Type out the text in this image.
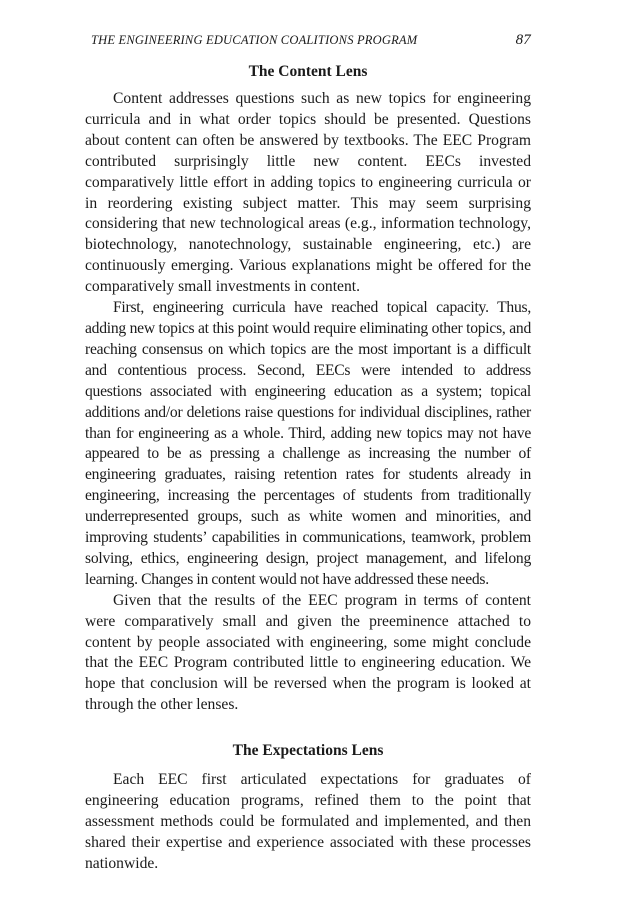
THE ENGINEERING EDUCATION COALITIONS PROGRAM	87
The Content Lens

Content addresses questions such as new topics for engineering curricula and in what order topics should be presented. Questions about content can often be answered by textbooks. The EEC Program contributed surprisingly little new content. EECs invested comparatively little effort in adding topics to engineering curricula or in reordering existing subject matter. This may seem surprising considering that new technological areas (e.g., information technology, biotechnology, nanotechnology, sustainable engineering, etc.) are continuously emerging. Various explanations might be offered for the comparatively small investments in content.

First, engineering curricula have reached topical capacity. Thus, adding new topics at this point would require eliminating other topics, and reaching consensus on which topics are the most important is a difficult and contentious process. Second, EECs were intended to address questions associated with engineering education as a system; topical additions and/or deletions raise questions for individual disciplines, rather than for engineering as a whole. Third, adding new topics may not have appeared to be as pressing a challenge as increasing the number of engineering graduates, raising retention rates for students already in engineering, increasing the percentages of students from traditionally underrepresented groups, such as white women and minorities, and improving students’ capabilities in communications, teamwork, problem solving, ethics, engineering design, project management, and lifelong learning. Changes in content would not have addressed these needs.

Given that the results of the EEC program in terms of content were comparatively small and given the preeminence attached to content by people associated with engineering, some might conclude that the EEC Program contributed little to engineering education. We hope that conclusion will be reversed when the program is looked at through the other lenses.

The Expectations Lens

Each EEC first articulated expectations for graduates of engineering education programs, refined them to the point that assessment methods could be formulated and implemented, and then shared their expertise and experience associated with these processes nationwide.
